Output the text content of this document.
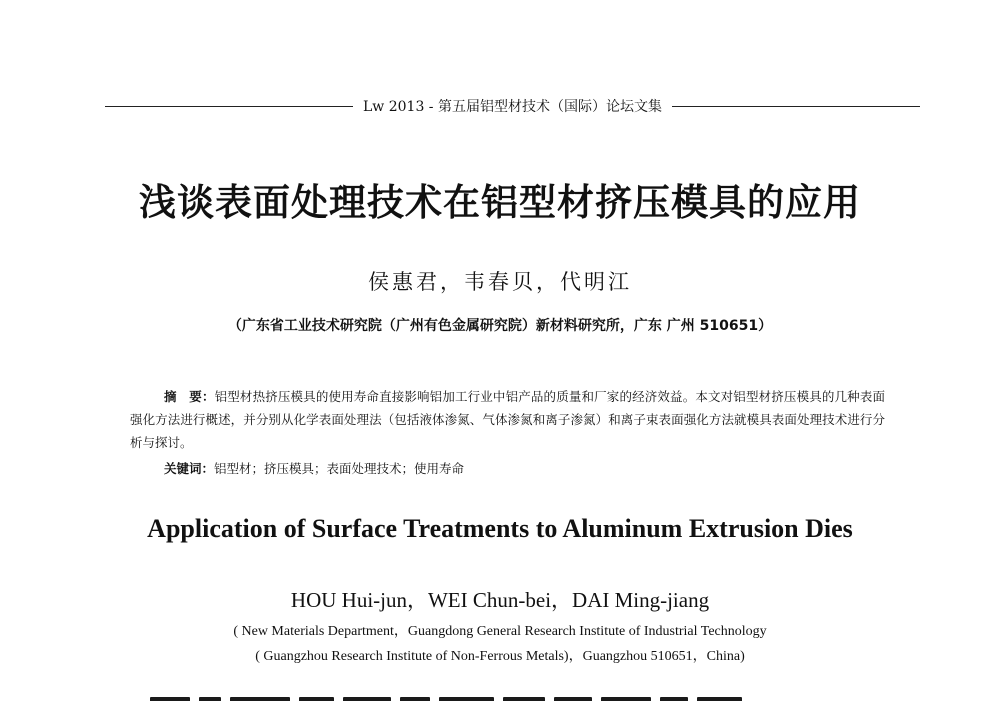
Lw 2013 - 第五届铝型材技术（国际）论坛文集
浅谈表面处理技术在铝型材挤压模具的应用
侯惠君，韦春贝，代明江
（广东省工业技术研究院（广州有色金属研究院）新材料研究所，广东 广州 510651）
摘　要：铝型材热挤压模具的使用寿命直接影响铝加工行业中铝产品的质量和厂家的经济效益。本文对铝型材挤压模具的几种表面强化方法进行概述，并分别从化学表面处理法（包括液体渗氮、气体渗氮和离子渗氮）和离子束表面强化方法就模具表面处理技术进行分析与探讨。
关键词：铝型材；挤压模具；表面处理技术；使用寿命
Application of Surface Treatments to Aluminum Extrusion Dies
HOU Hui-jun，WEI Chun-bei，DAI Ming-jiang
( New Materials Department，Guangdong General Research Institute of Industrial Technology
( Guangzhou Research Institute of Non-Ferrous Metals)，Guangzhou 510651，China)
